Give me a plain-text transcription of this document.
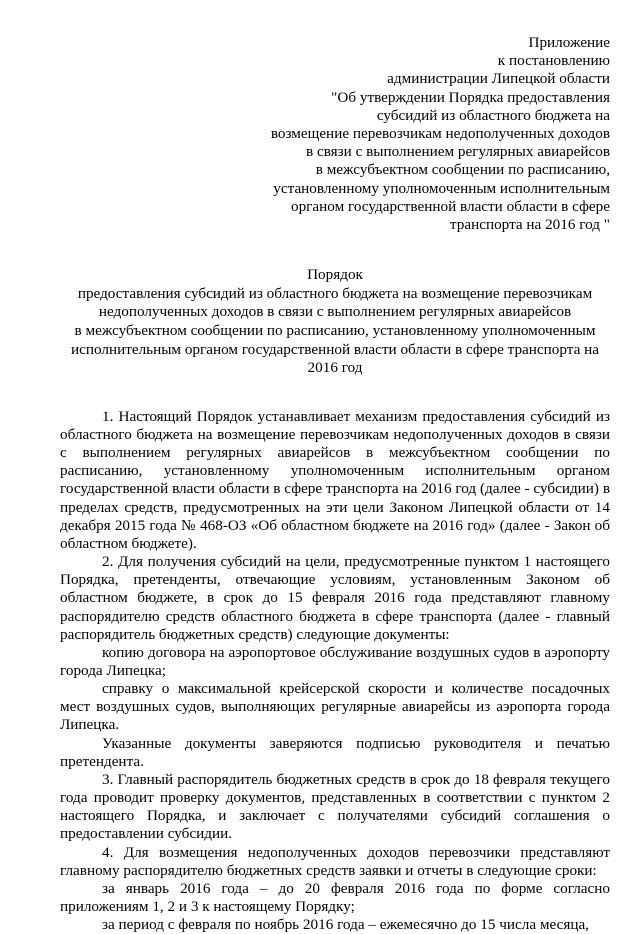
Приложение
к постановлению
администрации Липецкой области
"Об утверждении Порядка предоставления
субсидий из областного бюджета на
возмещение перевозчикам недополученных доходов
в связи с выполнением регулярных авиарейсов
в межсубъектном сообщении по расписанию,
установленному уполномоченным исполнительным
органом государственной власти области в сфере
транспорта на 2016 год "
Порядок
предоставления субсидий из областного бюджета на возмещение перевозчикам
недополученных доходов в связи с выполнением регулярных авиарейсов
в межсубъектном сообщении по расписанию, установленному уполномоченным
исполнительным органом государственной власти области в сфере транспорта на
2016 год

1. Настоящий Порядок устанавливает механизм предоставления субсидий из областного бюджета на возмещение перевозчикам недополученных доходов в связи с выполнением регулярных авиарейсов в межсубъектном сообщении по расписанию, установленному уполномоченным исполнительным органом государственной власти области в сфере транспорта на 2016 год (далее - субсидии) в пределах средств, предусмотренных на эти цели Законом Липецкой области от 14 декабря 2015 года № 468-ОЗ «Об областном бюджете на 2016 год» (далее - Закон об областном бюджете).

2. Для получения субсидий на цели, предусмотренные пунктом 1 настоящего Порядка, претенденты, отвечающие условиям, установленным Законом об областном бюджете, в срок до 15 февраля 2016 года представляют главному распорядителю средств областного бюджета в сфере транспорта (далее - главный распорядитель бюджетных средств) следующие документы:

копию договора на аэропортовое обслуживание воздушных судов в аэропорту города Липецка;

справку о максимальной крейсерской скорости и количестве посадочных мест воздушных судов, выполняющих регулярные авиарейсы из аэропорта города Липецка.

Указанные документы заверяются подписью руководителя и печатью претендента.

3. Главный распорядитель бюджетных средств в срок до 18 февраля текущего года проводит проверку документов, представленных в соответствии с пунктом 2 настоящего Порядка, и заключает с получателями субсидий соглашения о предоставлении субсидии.

4. Для возмещения недополученных доходов перевозчики представляют главному распорядителю бюджетных средств заявки и отчеты в следующие сроки:

за январь 2016 года – до 20 февраля 2016 года по форме согласно приложениям 1, 2 и 3 к настоящему Порядку;

за период с февраля по ноябрь 2016 года – ежемесячно до 15 числа месяца,
